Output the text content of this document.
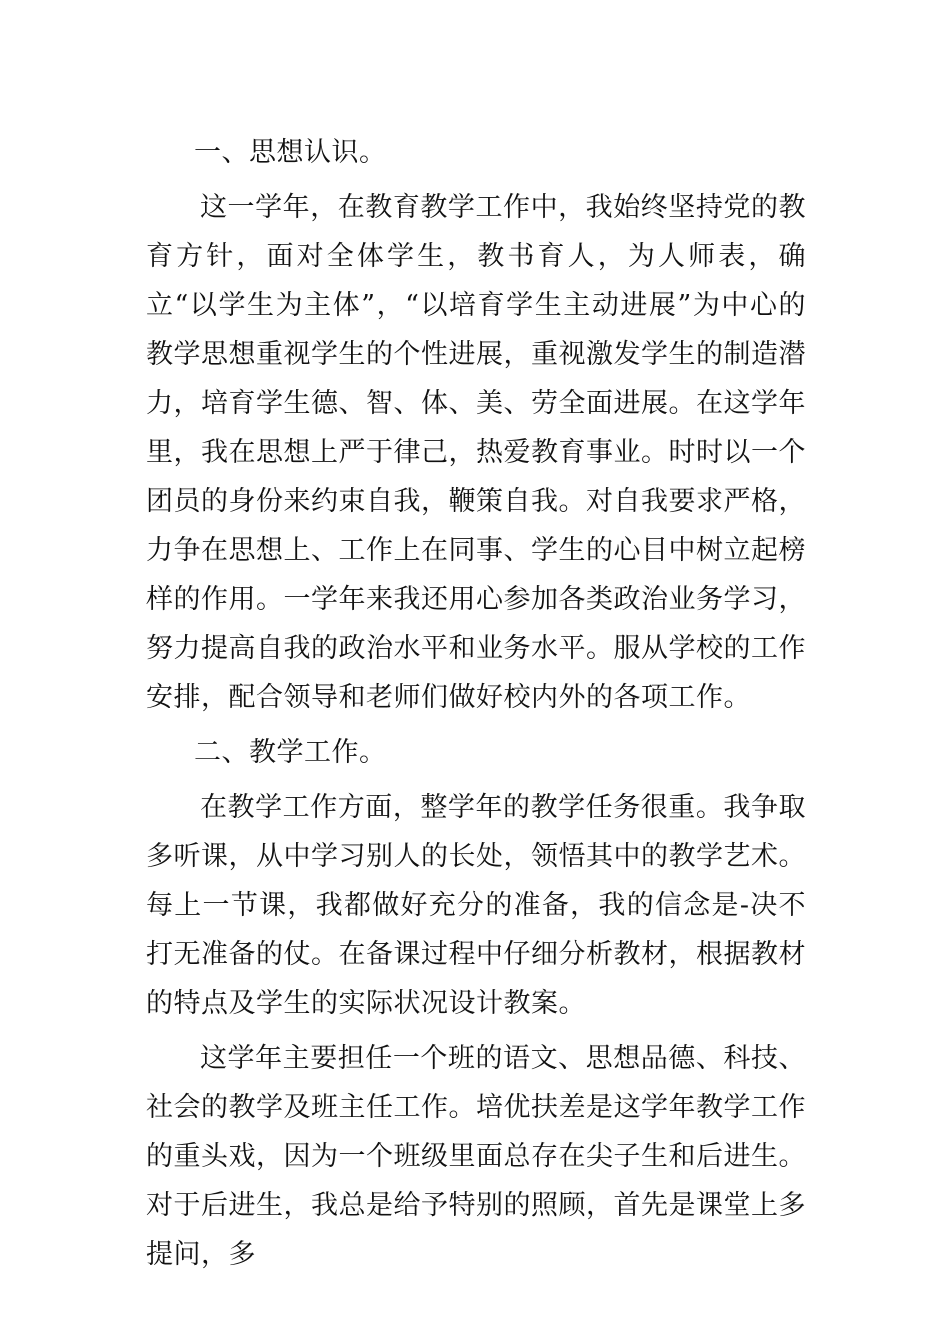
一、思想认识。

这一学年，在教育教学工作中，我始终坚持党的教育方针，面对全体学生，教书育人，为人师表，确立“以学生为主体”，“以培育学生主动进展”为中心的教学思想重视学生的个性进展，重视激发学生的制造潜力，培育学生德、智、体、美、劳全面进展。在这学年里，我在思想上严于律己，热爱教育事业。时时以一个团员的身份来约束自我，鞭策自我。对自我要求严格，力争在思想上、工作上在同事、学生的心目中树立起榜样的作用。一学年来我还用心参加各类政治业务学习，努力提高自我的政治水平和业务水平。服从学校的工作安排，配合领导和老师们做好校内外的各项工作。

二、教学工作。

在教学工作方面，整学年的教学任务很重。我争取多听课，从中学习别人的长处，领悟其中的教学艺术。每上一节课，我都做好充分的准备，我的信念是-决不打无准备的仗。在备课过程中仔细分析教材，根据教材的特点及学生的实际状况设计教案。

这学年主要担任一个班的语文、思想品德、科技、社会的教学及班主任工作。培优扶差是这学年教学工作的重头戏，因为一个班级里面总存在尖子生和后进生。对于后进生，我总是给予特别的照顾，首先是课堂上多提问，多
